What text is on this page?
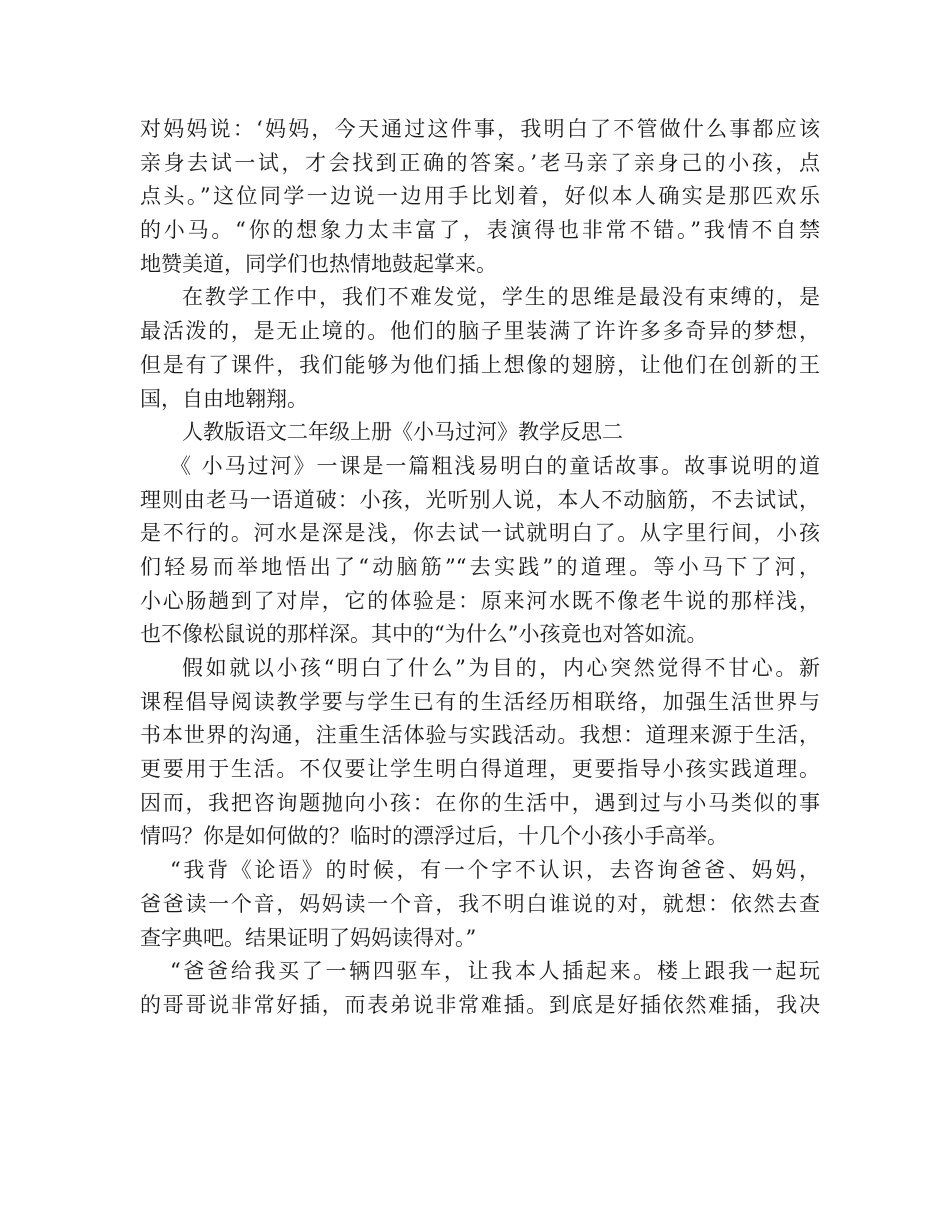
对妈妈说：‘妈妈，今天通过这件事，我明白了不管做什么事都应该
亲身去试一试，才会找到正确的答案。’老马亲了亲身己的小孩，点
点头。”这位同学一边说一边用手比划着，好似本人确实是那匹欢乐
的小马。“你的想象力太丰富了，表演得也非常不错。”我情不自禁
地赞美道，同学们也热情地鼓起掌来。
在教学工作中，我们不难发觉，学生的思维是最没有束缚的，是
最活泼的，是无止境的。他们的脑子里装满了许许多多奇异的梦想，
但是有了课件，我们能够为他们插上想像的翅膀，让他们在创新的王
国，自由地翱翔。
人教版语文二年级上册《小马过河》教学反思二
《 小马过河》一课是一篇粗浅易明白的童话故事。故事说明的道
理则由老马一语道破：小孩，光听别人说，本人不动脑筋，不去试试，
是不行的。河水是深是浅，你去试一试就明白了。从字里行间，小孩
们轻易而举地悟出了“动脑筋”“去实践”的道理。等小马下了河，
小心肠趟到了对岸，它的体验是：原来河水既不像老牛说的那样浅，
也不像松鼠说的那样深。其中的“为什么”小孩竟也对答如流。
假如就以小孩“明白了什么”为目的，内心突然觉得不甘心。新
课程倡导阅读教学要与学生已有的生活经历相联络，加强生活世界与
书本世界的沟通，注重生活体验与实践活动。我想：道理来源于生活，
更要用于生活。不仅要让学生明白得道理，更要指导小孩实践道理。
因而，我把咨询题抛向小孩：在你的生活中，遇到过与小马类似的事
情吗？你是如何做的？临时的漂浮过后，十几个小孩小手高举。
“我背《论语》的时候，有一个字不认识，去咨询爸爸、妈妈，
爸爸读一个音，妈妈读一个音，我不明白谁说的对，就想：依然去查
查字典吧。结果证明了妈妈读得对。”
“爸爸给我买了一辆四驱车，让我本人插起来。楼上跟我一起玩
的哥哥说非常好插，而表弟说非常难插。到底是好插依然难插，我决
